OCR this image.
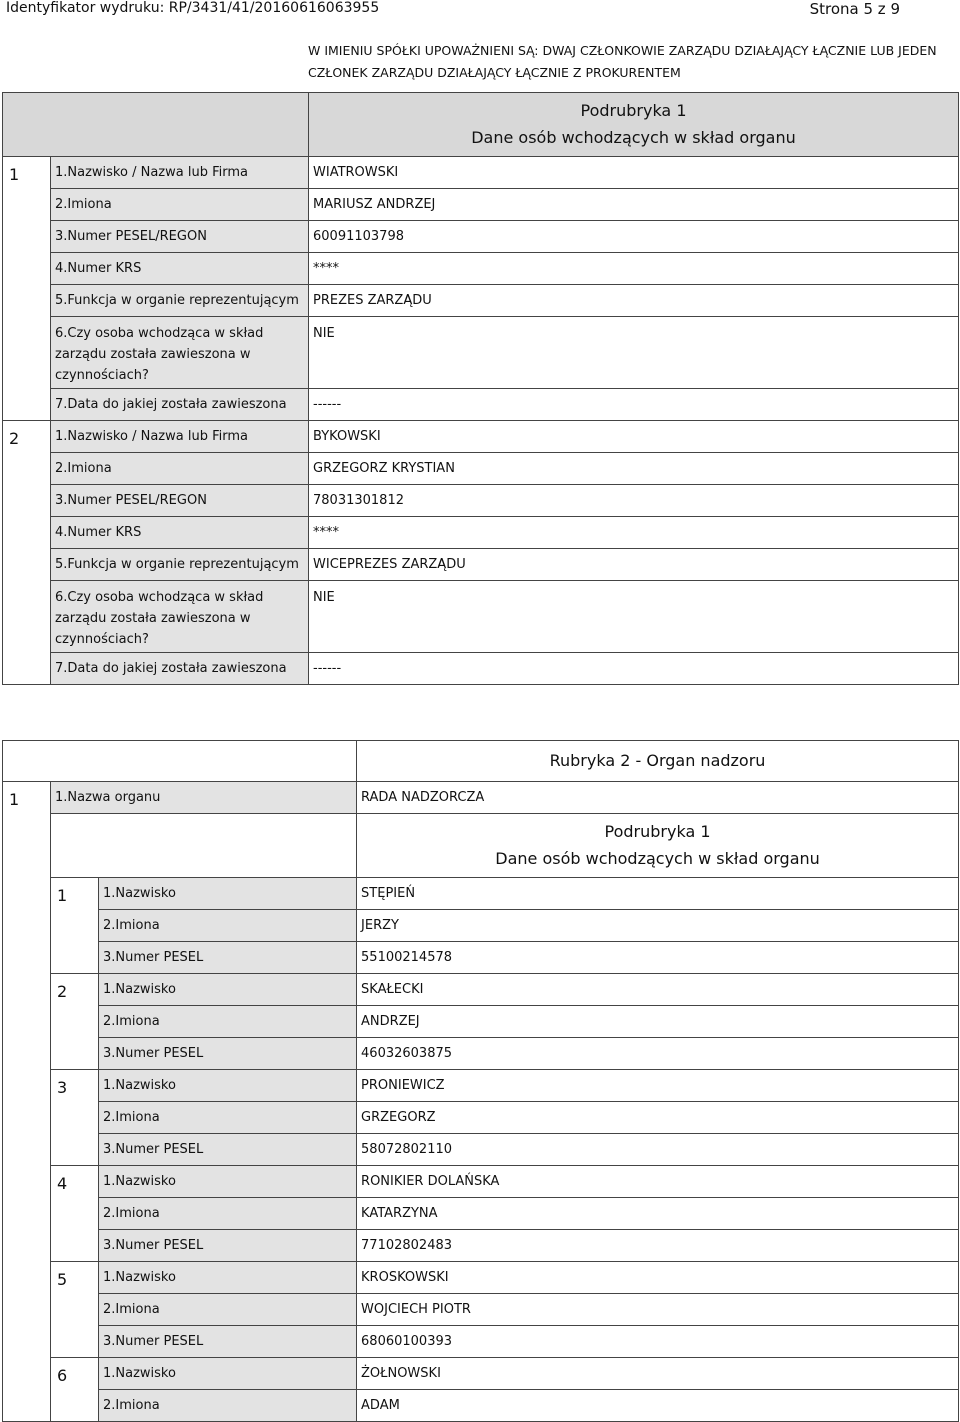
Identyfikator wydruku: RP/3431/41/20160616063955	Strona 5 z 9
W IMIENIU SPÓŁKI UPOWAŻNIENI SĄ: DWAJ CZŁONKOWIE ZARZĄDU DZIAŁAJĄCY ŁĄCZNIE LUB JEDEN CZŁONEK ZARZĄDU DZIAŁAJĄCY ŁĄCZNIE Z PROKURENTEM

		Podrubryka 1
Dane osób wchodzących w skład organu

1	1.Nazwisko / Nazwa lub Firma	WIATROWSKI
	2.Imiona	MARIUSZ ANDRZEJ
	3.Numer PESEL/REGON	60091103798
	4.Numer KRS	****
	5.Funkcja w organie reprezentującym	PREZES ZARZĄDU
	6.Czy osoba wchodząca w skład zarządu została zawieszona w czynnościach?	NIE
	7.Data do jakiej została zawieszona	------
2	1.Nazwisko / Nazwa lub Firma	BYKOWSKI
	2.Imiona	GRZEGORZ KRYSTIAN
	3.Numer PESEL/REGON	78031301812
	4.Numer KRS	****
	5.Funkcja w organie reprezentującym	WICEPREZES ZARZĄDU
	6.Czy osoba wchodząca w skład zarządu została zawieszona w czynnościach?	NIE
	7.Data do jakiej została zawieszona	------
			Rubryka 2 - Organ nadzoru
1	1.Nazwa organu		RADA NADZORCZA

			Podrubryka 1
Dane osób wchodzących w skład organu

	1	1.Nazwisko	STĘPIEŃ
		2.Imiona	JERZY
		3.Numer PESEL	55100214578
	2	1.Nazwisko	SKAŁECKI
		2.Imiona	ANDRZEJ
		3.Numer PESEL	46032603875
	3	1.Nazwisko	PRONIEWICZ
		2.Imiona	GRZEGORZ
		3.Numer PESEL	58072802110
	4	1.Nazwisko	RONIKIER DOLAŃSKA
		2.Imiona	KATARZYNA
		3.Numer PESEL	77102802483
	5	1.Nazwisko	KROSKOWSKI
		2.Imiona	WOJCIECH PIOTR
		3.Numer PESEL	68060100393
	6	1.Nazwisko	ŻOŁNOWSKI
		2.Imiona	ADAM
